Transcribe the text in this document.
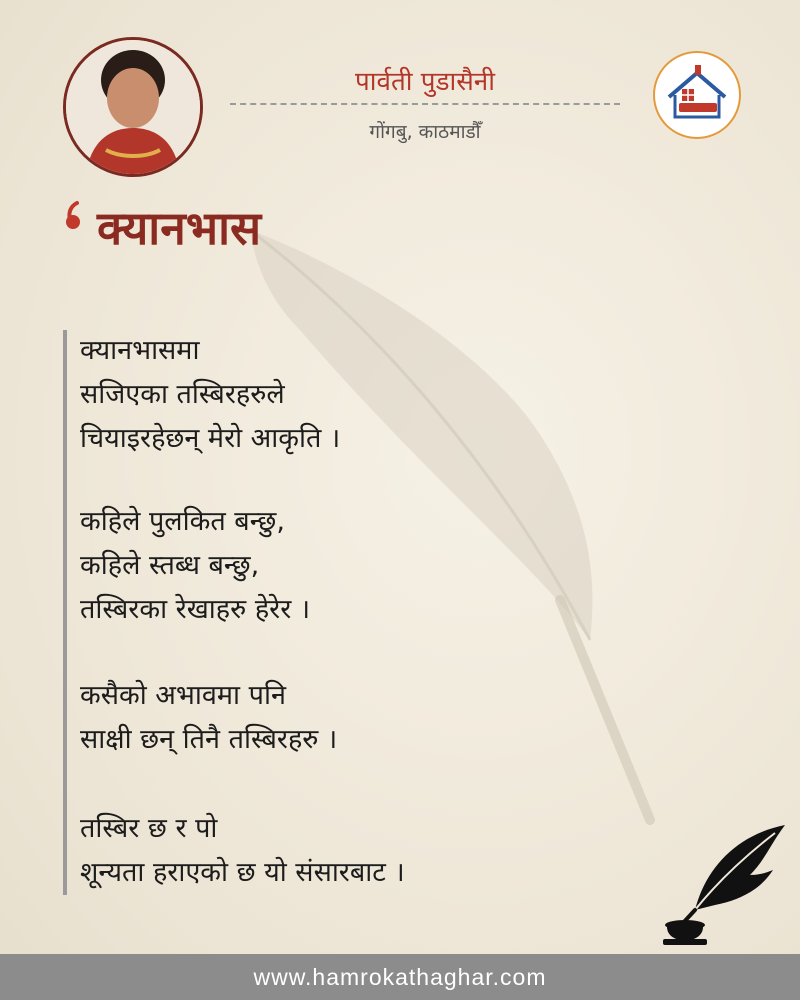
पार्वती पुडासैनी
गोंगबु, काठमाडौँ
क्यानभास
क्यानभासमा
सजिएका तस्बिरहरुले
चियाइरहेछन् मेरो आकृति ।
कहिले पुलकित बन्छु,
कहिले स्तब्ध बन्छु,
तस्बिरका रेखाहरु हेरेर ।
कसैको अभावमा पनि
साक्षी छन् तिनै तस्बिरहरु ।
तस्बिर छ र पो
शून्यता हराएको छ यो संसारबाट ।
www.hamrokathaghar.com
